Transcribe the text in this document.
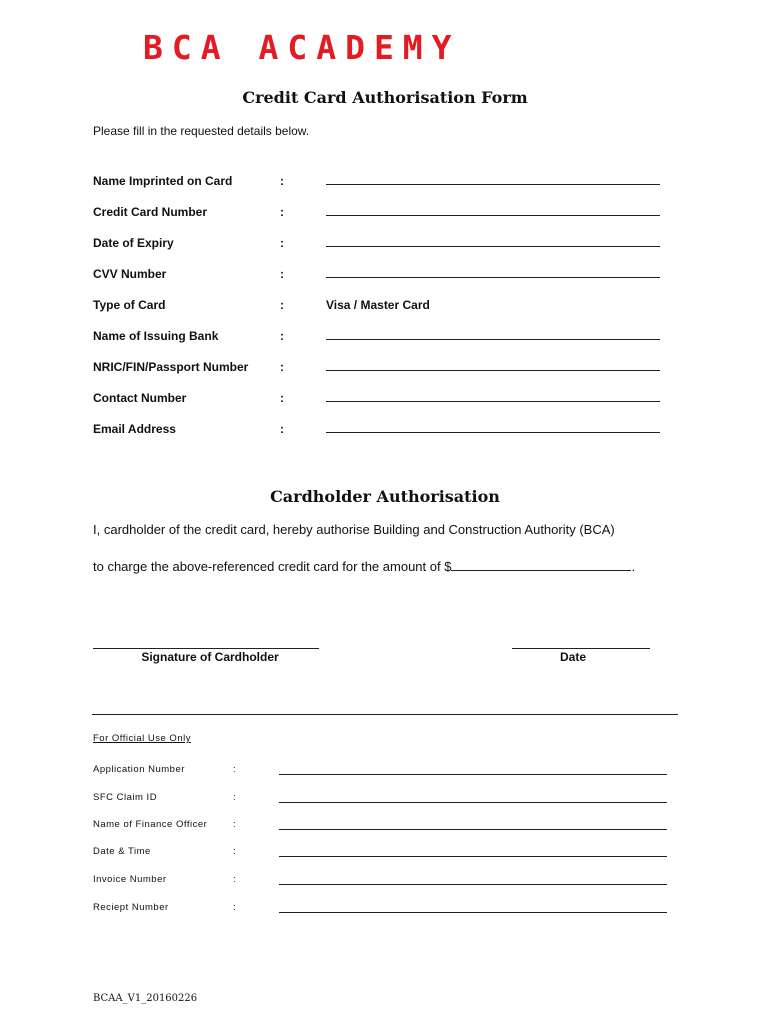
BCA ACADEMY
Credit Card Authorisation Form
Please fill in the requested details below.
Name Imprinted on Card	:
Credit Card Number	:
Date of Expiry	:
CVV Number	:
Type of Card	:	Visa / Master Card
Name of Issuing Bank	:
NRIC/FIN/Passport Number	:
Contact Number	:
Email Address	:
Cardholder Authorisation
I, cardholder of the credit card, hereby authorise Building and Construction Authority (BCA)
to charge the above-referenced credit card for the amount of $	.
Signature of Cardholder	Date
For Official Use Only
Application Number	:
SFC Claim ID	:
Name of Finance Officer	:
Date & Time	:
Invoice Number	:
Reciept Number	:
BCAA_V1_20160226
